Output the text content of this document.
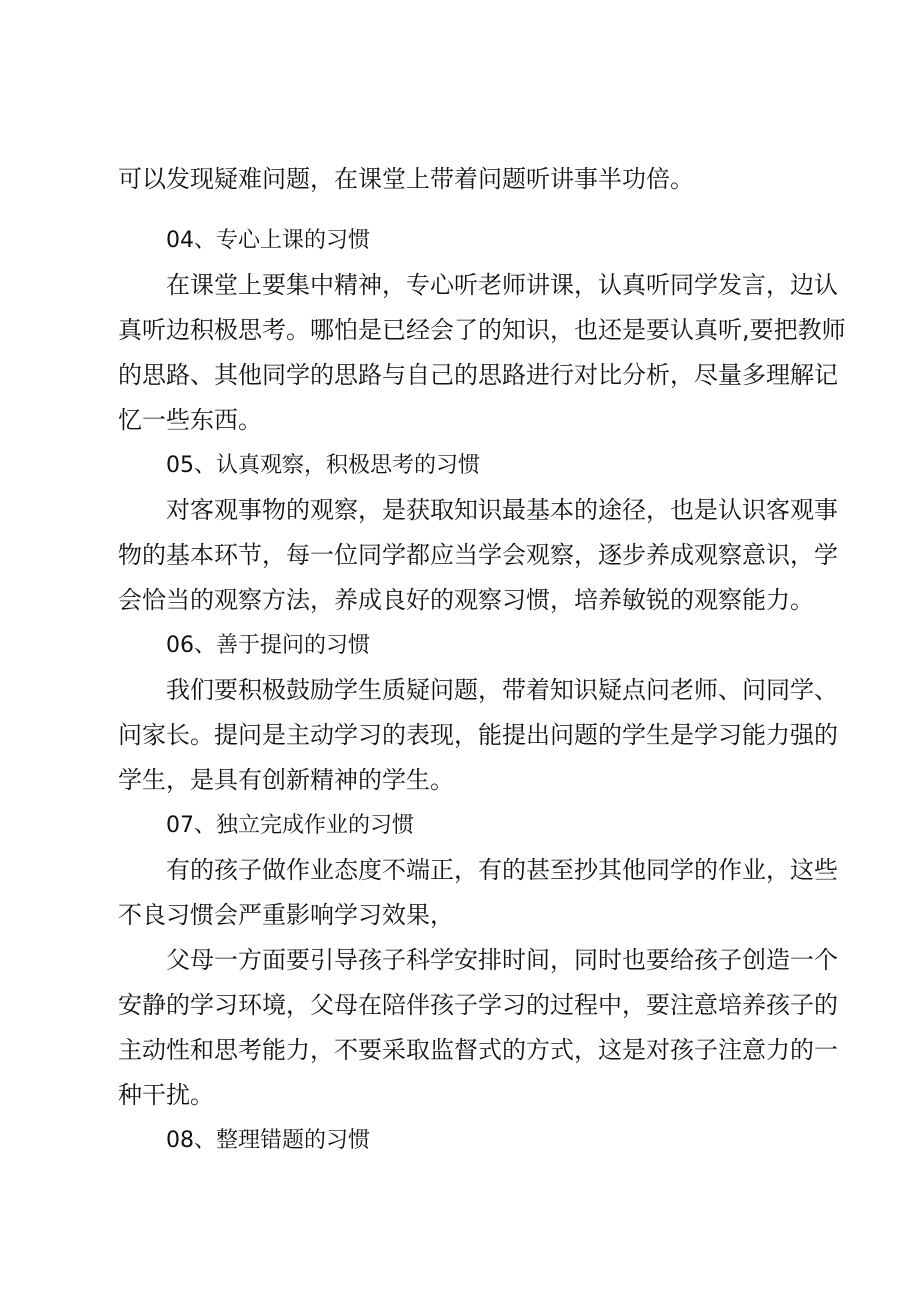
可以发现疑难问题，在课堂上带着问题听讲事半功倍。
04、专心上课的习惯
在课堂上要集中精神，专心听老师讲课，认真听同学发言，边认
真听边积极思考。哪怕是已经会了的知识，也还是要认真听,要把教师
的思路、其他同学的思路与自己的思路进行对比分析，尽量多理解记
忆一些东西。
05、认真观察，积极思考的习惯
对客观事物的观察，是获取知识最基本的途径，也是认识客观事
物的基本环节，每一位同学都应当学会观察，逐步养成观察意识，学
会恰当的观察方法，养成良好的观察习惯，培养敏锐的观察能力。
06、善于提问的习惯
我们要积极鼓励学生质疑问题，带着知识疑点问老师、问同学、
问家长。提问是主动学习的表现，能提出问题的学生是学习能力强的
学生，是具有创新精神的学生。
07、独立完成作业的习惯
有的孩子做作业态度不端正，有的甚至抄其他同学的作业，这些
不良习惯会严重影响学习效果，
父母一方面要引导孩子科学安排时间，同时也要给孩子创造一个
安静的学习环境，父母在陪伴孩子学习的过程中，要注意培养孩子的
主动性和思考能力，不要采取监督式的方式，这是对孩子注意力的一
种干扰。
08、整理错题的习惯
